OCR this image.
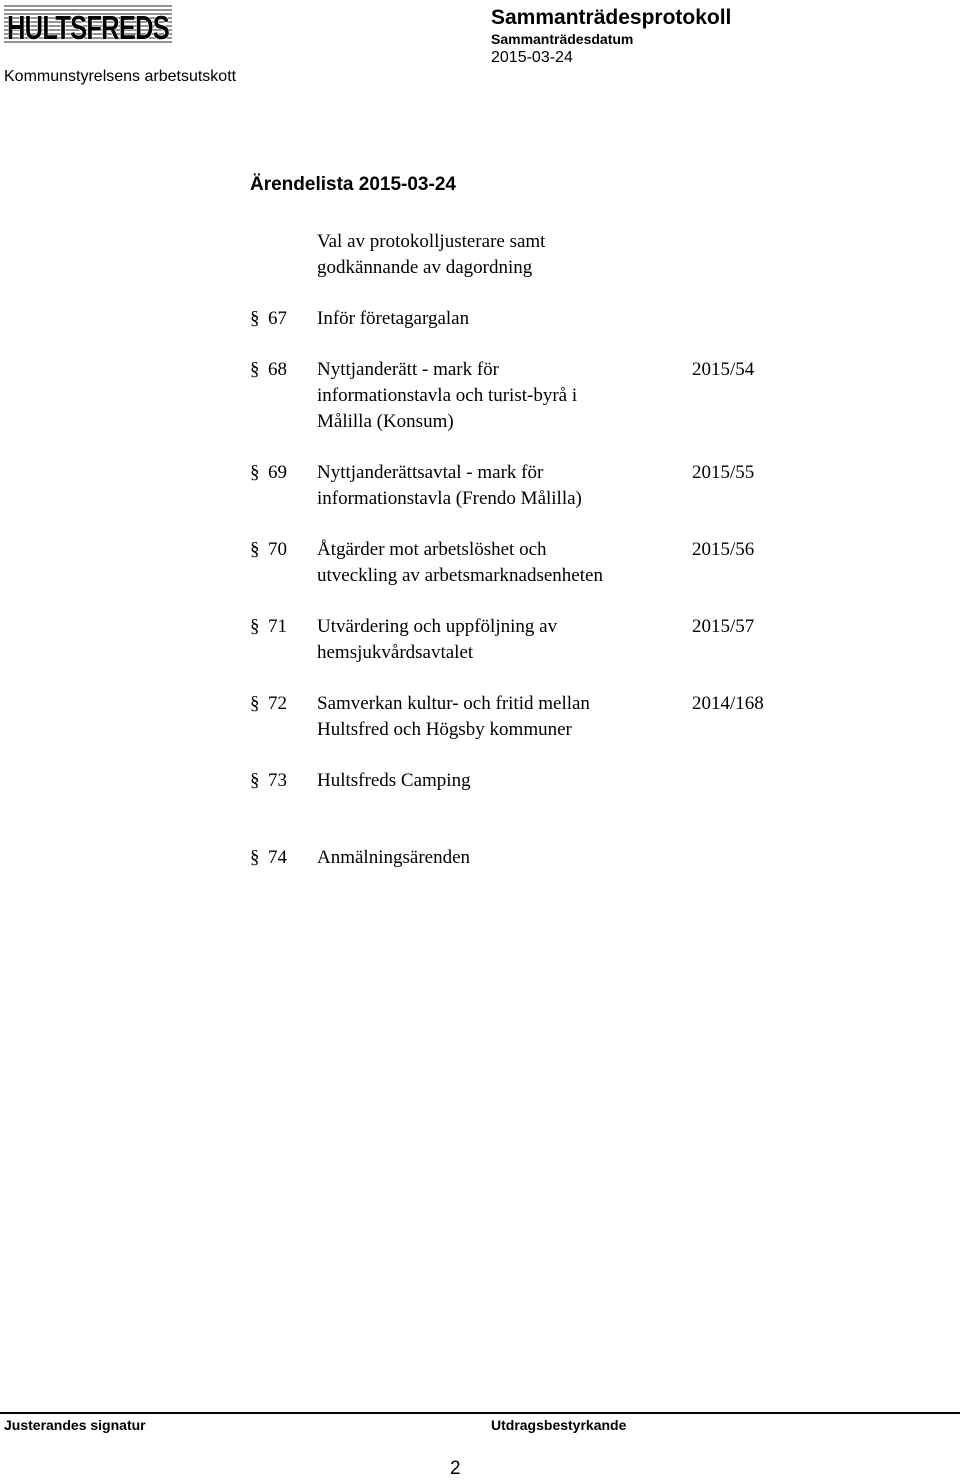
HULTSFREDS	Sammanträdesprotokoll
Sammanträdesdatum
2015-03-24
Kommunstyrelsens arbetsutskott
Ärendelista 2015-03-24
Val av protokolljusterare samt
godkännande av dagordning
§ 67	Inför företagargalan
§ 68	Nyttjanderätt - mark för
informationstavla och turist-byrå i
Målilla (Konsum)
2015/54
§ 69	Nyttjanderättsavtal - mark för
informationstavla (Frendo Målilla)
2015/55
§ 70	Åtgärder mot arbetslöshet och
utveckling av arbetsmarknadsenheten
2015/56
§ 71	Utvärdering och uppföljning av
hemsjukvårdsavtalet
2015/57
§ 72	Samverkan kultur- och fritid mellan
Hultsfred och Högsby kommuner
2014/168
§ 73	Hultsfreds Camping
§ 74	Anmälningsärenden
Justerandes signatur	Utdragsbestyrkande
2
